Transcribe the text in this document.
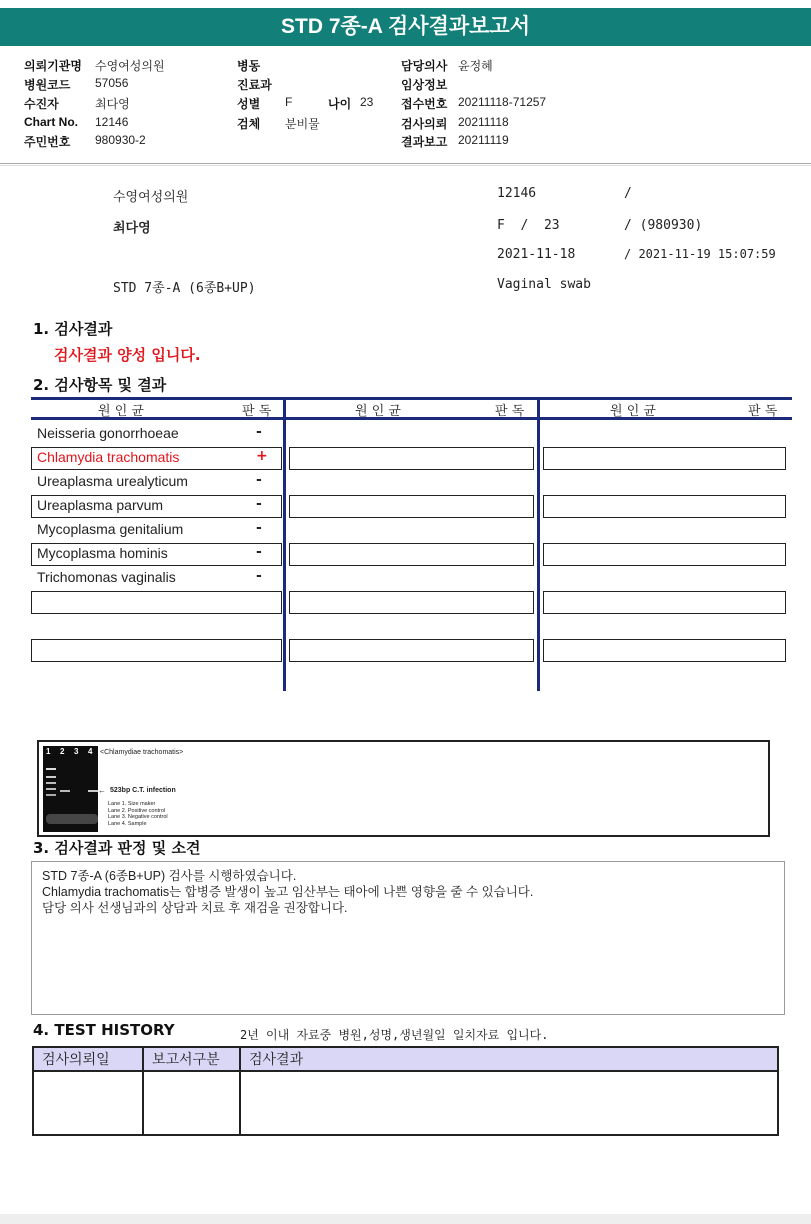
STD 7종-A 검사결과보고서
의뢰기관명 수영여성의원
병원코드 57056
수진자	최다영
Chart No. 12146
주민번호 980930-2
병동
진료과
성별 F	나이 23
검체 분비물
담당의사 윤정혜
임상정보
접수번호 20211118-71257
검사의뢰 20211118
결과보고 20211119
수영여성의원	12146	/
최다영	F  /  23	/ (980930)
2021-11-18	/ 2021-11-19 15:07:59
STD 7종-A (6종B+UP)	Vaginal swab
1. 검사결과
검사결과 양성 입니다.
2. 검사항목 및 결과
원 인 균	판 독	원 인 균	판 독	원 인 균	판 독
Neisseria gonorrhoeae	-
Chlamydia trachomatis	+
Ureaplasma urealyticum	-
Ureaplasma parvum	-
Mycoplasma genitalium	-
Mycoplasma hominis	-
Trichomonas vaginalis	-
1 2 3 4 <Chlamydiae trachomatis>
← 523bp C.T. infection
Lane 1. Size maker
Lane 2. Positive control
Lane 3. Negative control
Lane 4. Sample
3. 검사결과 판정 및 소견
STD 7종-A (6종B+UP) 검사를 시행하였습니다.
Chlamydia trachomatis는 합병증 발생이 높고 임산부는 태아에 나쁜 영향을 줄 수 있습니다.
담당 의사 선생님과의 상담과 치료 후 재검을 권장합니다.
4. TEST HISTORY	2년 이내 자료중 병원,성명,생년월일 일치자료 입니다.
검사의뢰일	보고서구분	검사결과
